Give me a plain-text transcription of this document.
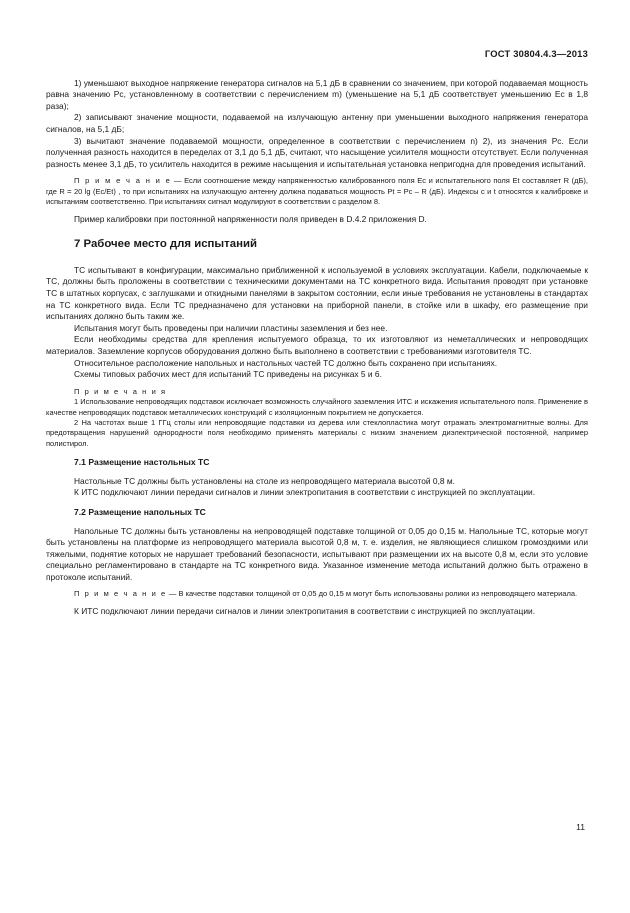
ГОСТ 30804.4.3—2013

1) уменьшают выходное напряжение генератора сигналов на 5,1 дБ в сравнении со значением, при которой подаваемая мощность равна значению Pc, установленному в соответствии с перечислением m) (уменьшение на 5,1 дБ соответствует уменьшению Ec в 1,8 раза);

2) записывают значение мощности, подаваемой на излучающую антенну при уменьшении выходного напряжения генератора сигналов, на 5,1 дБ;

3) вычитают значение подаваемой мощности, определенное в соответствии с перечислением n) 2), из значения Pc. Если полученная разность находится в переделах от 3,1 до 5,1 дБ, считают, что насыщение усилителя мощности отсутствует. Если полученная разность менее 3,1 дБ, то усилитель находится в режиме насыщения и испытательная установка непригодна для проведения испытаний.

П р и м е ч а н и е — Если соотношение между напряженностью калиброванного поля Ec и испытательного поля Et составляет R (дБ), где R = 20 lg (Ec/Et) , то при испытаниях на излучающую антенну должна подаваться мощность Pt = Pc – R (дБ). Индексы c и t относятся к калибровке и испытаниям соответственно. При испытаниях сигнал модулируют в соответствии с разделом 8.

Пример калибровки при постоянной напряженности поля приведен в D.4.2 приложения D.

7 Рабочее место для испытаний

ТС испытывают в конфигурации, максимально приближенной к используемой в условиях эксплуатации. Кабели, подключаемые к ТС, должны быть проложены в соответствии с техническими документами на ТС конкретного вида. Испытания проводят при установке ТС в штатных корпусах, с заглушками и откидными панелями в закрытом состоянии, если иные требования не установлены в стандартах на ТС конкретного вида. Если ТС предназначено для установки на приборной панели, в стойке или в шкафу, его размещение при испытаниях должно быть таким же.

Испытания могут быть проведены при наличии пластины заземления и без нее.

Если необходимы средства для крепления испытуемого образца, то их изготовляют из неметаллических и непроводящих материалов. Заземление корпусов оборудования должно быть выполнено в соответствии с требованиями изготовителя ТС.

Относительное расположение напольных и настольных частей ТС должно быть сохранено при испытаниях.

Схемы типовых рабочих мест для испытаний ТС приведены на рисунках 5 и 6.

П р и м е ч а н и я

1 Использование непроводящих подставок исключает возможность случайного заземления ИТС и искажения испытательного поля. Применение в качестве непроводящих подставок металлических конструкций с изоляционным покрытием не допускается.

2 На частотах выше 1 ГГц столы или непроводящие подставки из дерева или стеклопластика могут отражать электромагнитные волны. Для предотвращения нарушений однородности поля необходимо применять материалы с низким значением диэлектрической постоянной, например полистирол.

7.1 Размещение настольных ТС

Настольные ТС должны быть установлены на столе из непроводящего материала высотой 0,8 м.

К ИТС подключают линии передачи сигналов и линии электропитания в соответствии с инструкцией по эксплуатации.

7.2 Размещение напольных ТС

Напольные ТС должны быть установлены на непроводящей подставке толщиной от 0,05 до 0,15 м. Напольные ТС, которые могут быть установлены на платформе из непроводящего материала высотой 0,8 м, т. е. изделия, не являющиеся слишком громоздкими или тяжелыми, поднятие которых не нарушает требований безопасности, испытывают при размещении их на высоте 0,8 м, если это условие специально регламентировано в стандарте на ТС конкретного вида. Указанное изменение метода испытаний должно быть отражено в протоколе испытаний.

П р и м е ч а н и е — В качестве подставки толщиной от 0,05 до 0,15 м могут быть использованы ролики из непроводящего материала.

К ИТС подключают линии передачи сигналов и линии электропитания в соответствии с инструкцией по эксплуатации.

11
